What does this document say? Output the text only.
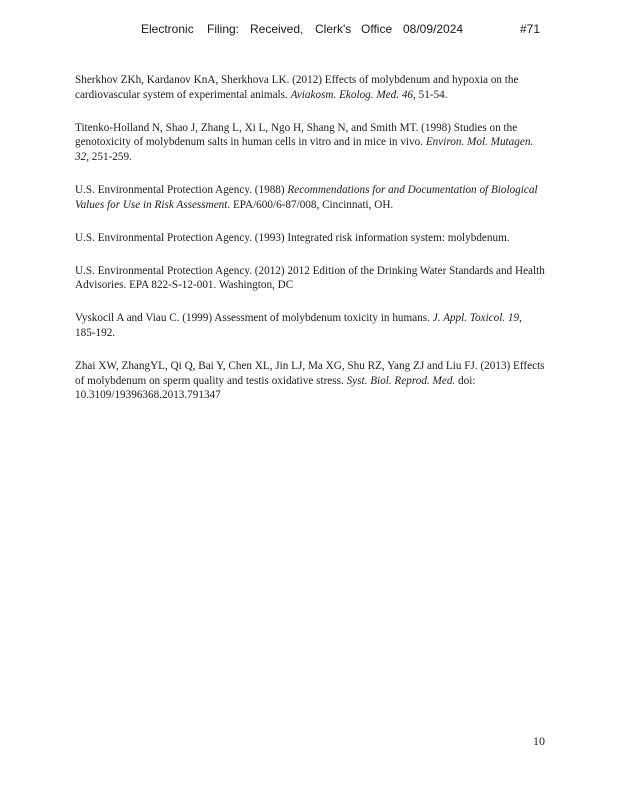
Electronic Filing: Received, Clerk's Office 08/09/2024	#71

Sherkhov ZKh, Kardanov KnA, Sherkhova LK. (2012) Effects of molybdenum and hypoxia on the cardiovascular system of experimental animals. Aviakosm. Ekolog. Med. 46, 51-54.

Titenko-Holland N, Shao J, Zhang L, Xi L, Ngo H, Shang N, and Smith MT. (1998) Studies on the genotoxicity of molybdenum salts in human cells in vitro and in mice in vivo. Environ. Mol. Mutagen. 32, 251-259.

U.S. Environmental Protection Agency. (1988) Recommendations for and Documentation of Biological Values for Use in Risk Assessment. EPA/600/6-87/008, Cincinnati, OH.

U.S. Environmental Protection Agency. (1993) Integrated risk information system: molybdenum.

U.S. Environmental Protection Agency. (2012) 2012 Edition of the Drinking Water Standards and Health Advisories. EPA 822-S-12-001. Washington, DC

Vyskocil A and Viau C. (1999) Assessment of molybdenum toxicity in humans. J. Appl. Toxicol. 19, 185-192.

Zhai XW, ZhangYL, Qi Q, Bai Y, Chen XL, Jin LJ, Ma XG, Shu RZ, Yang ZJ and Liu FJ. (2013) Effects of molybdenum on sperm quality and testis oxidative stress. Syst. Biol. Reprod. Med. doi: 10.3109/19396368.2013.791347

10
